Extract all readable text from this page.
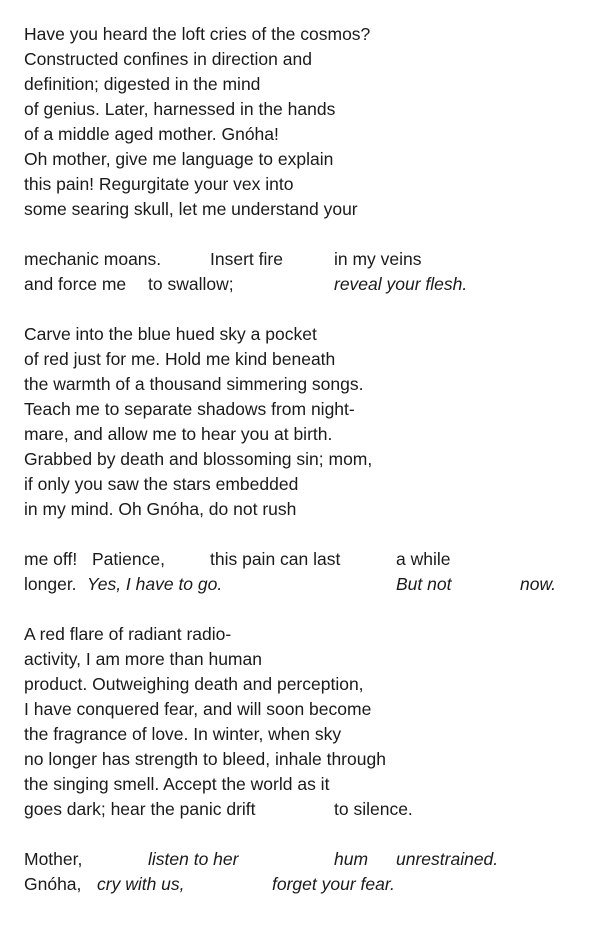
Have you heard the loft cries of the cosmos?
Constructed confines in direction and
definition; digested in the mind
of genius. Later, harnessed in the hands
of a middle aged mother. Gnóha!
Oh mother, give me language to explain
this pain! Regurgitate your vex into
some searing skull, let me understand your
mechanic moans.	Insert fire	in my veins
and force me to swallow;	reveal your flesh.
Carve into the blue hued sky a pocket
of red just for me. Hold me kind beneath
the warmth of a thousand simmering songs.
Teach me to separate shadows from night-
mare, and allow me to hear you at birth.
Grabbed by death and blossoming sin; mom,
if only you saw the stars embedded
in my mind. Oh Gnóha, do not rush
me off! Patience,	this pain can last	a while
longer. Yes, I have to go.	But not	now.
A red flare of radiant radio-
activity, I am more than human
product. Outweighing death and perception,
I have conquered fear, and will soon become
the fragrance of love. In winter, when sky
no longer has strength to bleed, inhale through
the singing smell. Accept the world as it
goes dark; hear the panic drift	to silence.
Mother,	listen to her	hum unrestrained.
Gnóha, cry with us,	forget your fear.
